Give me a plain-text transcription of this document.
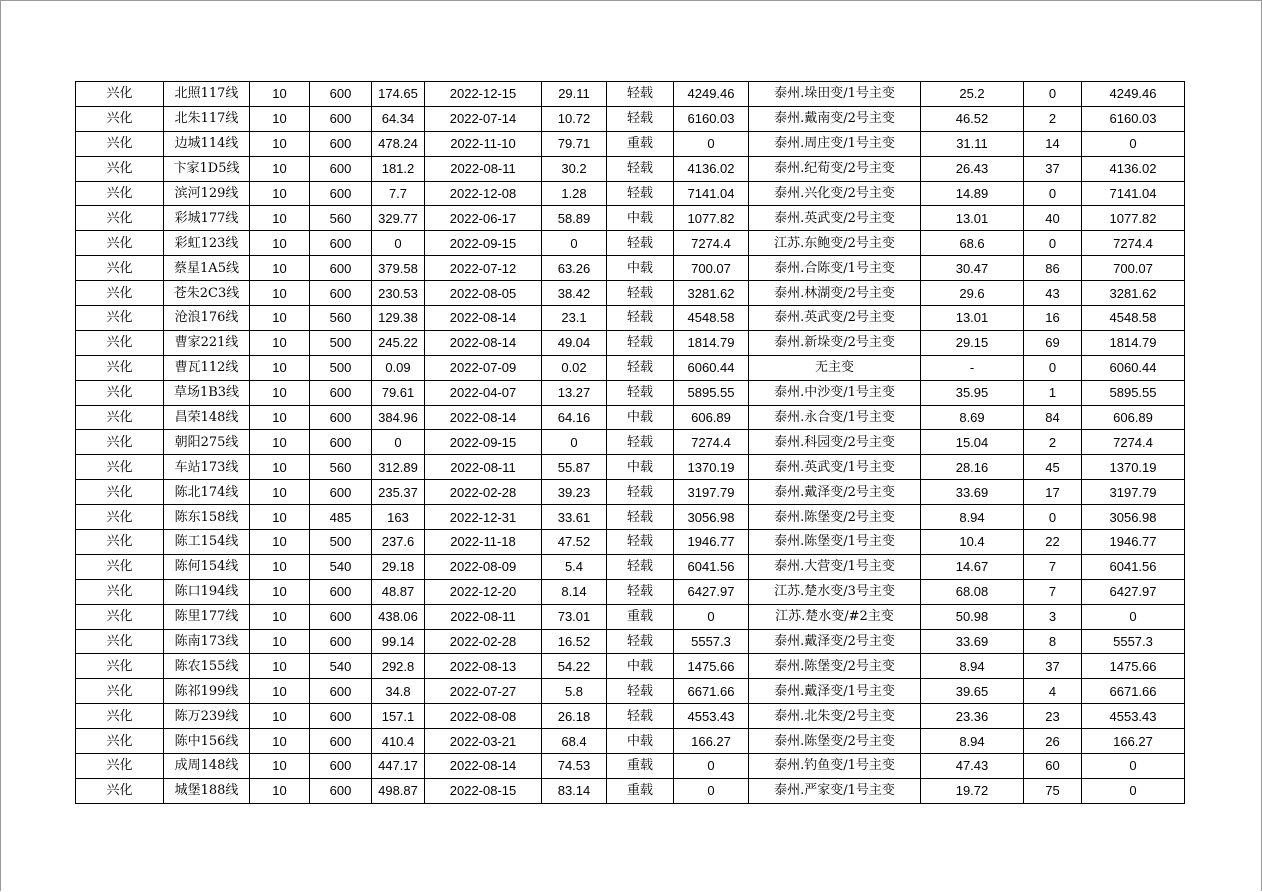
兴化	北照117线	10	600	174.65	2022-12-15	29.11	轻载	4249.46	泰州.垛田变/1号主变	25.2	0	4249.46
兴化	北朱117线	10	600	64.34	2022-07-14	10.72	轻载	6160.03	泰州.戴南变/2号主变	46.52	2	6160.03
兴化	边城114线	10	600	478.24	2022-11-10	79.71	重载	0	泰州.周庄变/1号主变	31.11	14	0
兴化	卞家1D5线	10	600	181.2	2022-08-11	30.2	轻载	4136.02	泰州.纪荀变/2号主变	26.43	37	4136.02
兴化	滨河129线	10	600	7.7	2022-12-08	1.28	轻载	7141.04	泰州.兴化变/2号主变	14.89	0	7141.04
兴化	彩城177线	10	560	329.77	2022-06-17	58.89	中载	1077.82	泰州.英武变/2号主变	13.01	40	1077.82
兴化	彩虹123线	10	600	0	2022-09-15	0	轻载	7274.4	江苏.东鲍变/2号主变	68.6	0	7274.4
兴化	蔡星1A5线	10	600	379.58	2022-07-12	63.26	中载	700.07	泰州.合陈变/1号主变	30.47	86	700.07
兴化	苍朱2C3线	10	600	230.53	2022-08-05	38.42	轻载	3281.62	泰州.林湖变/2号主变	29.6	43	3281.62
兴化	沧浪176线	10	560	129.38	2022-08-14	23.1	轻载	4548.58	泰州.英武变/2号主变	13.01	16	4548.58
兴化	曹家221线	10	500	245.22	2022-08-14	49.04	轻载	1814.79	泰州.新垛变/2号主变	29.15	69	1814.79
兴化	曹瓦112线	10	500	0.09	2022-07-09	0.02	轻载	6060.44	无主变	-	0	6060.44
兴化	草场1B3线	10	600	79.61	2022-04-07	13.27	轻载	5895.55	泰州.中沙变/1号主变	35.95	1	5895.55
兴化	昌荣148线	10	600	384.96	2022-08-14	64.16	中载	606.89	泰州.永合变/1号主变	8.69	84	606.89
兴化	朝阳275线	10	600	0	2022-09-15	0	轻载	7274.4	泰州.科园变/2号主变	15.04	2	7274.4
兴化	车站173线	10	560	312.89	2022-08-11	55.87	中载	1370.19	泰州.英武变/1号主变	28.16	45	1370.19
兴化	陈北174线	10	600	235.37	2022-02-28	39.23	轻载	3197.79	泰州.戴泽变/2号主变	33.69	17	3197.79
兴化	陈东158线	10	485	163	2022-12-31	33.61	轻载	3056.98	泰州.陈堡变/2号主变	8.94	0	3056.98
兴化	陈工154线	10	500	237.6	2022-11-18	47.52	轻载	1946.77	泰州.陈堡变/1号主变	10.4	22	1946.77
兴化	陈何154线	10	540	29.18	2022-08-09	5.4	轻载	6041.56	泰州.大营变/1号主变	14.67	7	6041.56
兴化	陈口194线	10	600	48.87	2022-12-20	8.14	轻载	6427.97	江苏.楚水变/3号主变	68.08	7	6427.97
兴化	陈里177线	10	600	438.06	2022-08-11	73.01	重载	0	江苏.楚水变/#2主变	50.98	3	0
兴化	陈南173线	10	600	99.14	2022-02-28	16.52	轻载	5557.3	泰州.戴泽变/2号主变	33.69	8	5557.3
兴化	陈农155线	10	540	292.8	2022-08-13	54.22	中载	1475.66	泰州.陈堡变/2号主变	8.94	37	1475.66
兴化	陈祁199线	10	600	34.8	2022-07-27	5.8	轻载	6671.66	泰州.戴泽变/1号主变	39.65	4	6671.66
兴化	陈万239线	10	600	157.1	2022-08-08	26.18	轻载	4553.43	泰州.北朱变/2号主变	23.36	23	4553.43
兴化	陈中156线	10	600	410.4	2022-03-21	68.4	中载	166.27	泰州.陈堡变/2号主变	8.94	26	166.27
兴化	成周148线	10	600	447.17	2022-08-14	74.53	重载	0	泰州.钓鱼变/1号主变	47.43	60	0
兴化	城堡188线	10	600	498.87	2022-08-15	83.14	重载	0	泰州.严家变/1号主变	19.72	75	0
